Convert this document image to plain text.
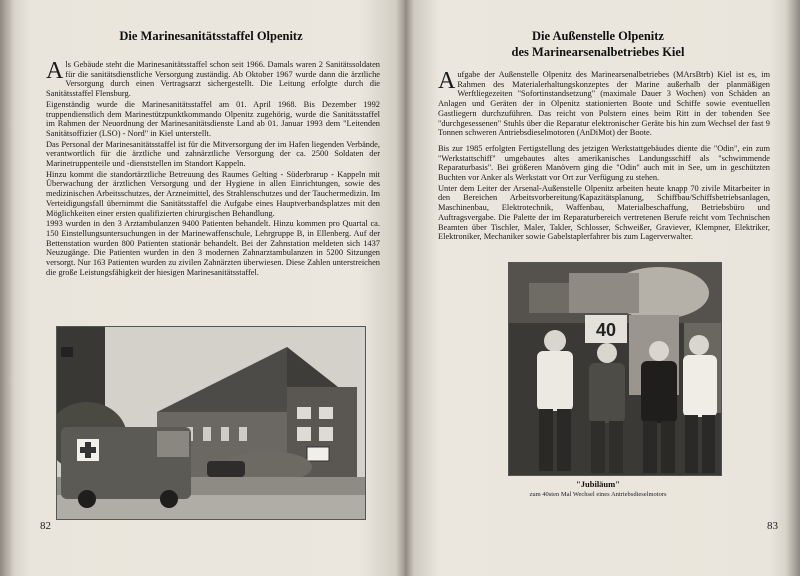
Die Marinesanitätsstaffel Olpenitz

Als Gebäude steht die Marinesanitätsstaffel schon seit 1966. Damals waren 2 Sanitätssoldaten für die sanitätsdienstliche Versorgung zuständig. Ab Oktober 1967 wurde dann die ärztliche Versorgung durch einen Vertragsarzt sichergestellt. Die Leitung erfolgte durch die Sanitätsstaffel Flensburg.

Eigenständig wurde die Marinesanitätsstaffel am 01. April 1968. Bis Dezember 1992 truppendienstlich dem Marinestützpunktkommando Olpenitz zugehörig, wurde die Sanitätsstaffel im Rahmen der Neuordnung der Marinesanitätsdienste Land ab 01. Januar 1993 dem "Leitenden Sanitätsoffizier (LSO) - Nord" in Kiel unterstellt.

Das Personal der Marinesanitätsstaffel ist für die Mitversorgung der im Hafen liegenden Verbände, verantwortlich für die ärztliche und zahnärztliche Versorgung der ca. 2500 Soldaten der Marinetruppenteile und -dienststellen im Standort Kappeln.

Hinzu kommt die standortärztliche Betreuung des Raumes Gelting - Süderbrarup - Kappeln mit Überwachung der ärztlichen Versorgung und der Hygiene in allen Einrichtungen, sowie des medizinischen Arbeitsschutzes, der Arzneimittel, des Strahlenschutzes und der Tauchermedizin. Im Verteidigungsfall übernimmt die Sanitätsstaffel die Aufgabe eines Hauptverbandsplatzes mit den Möglichkeiten einer ersten qualifizierten chirurgischen Behandlung.

1993 wurden in den 3 Arztambulanzen 9400 Patienten behandelt. Hinzu kommen pro Quartal ca. 150 Einstellungsuntersuchungen in der Marinewaffenschule, Lehrgruppe B, in Ellenberg. Auf der Bettenstation wurden 800 Patienten stationär behandelt. Bei der Zahnstation meldeten sich 1437 Neuzugänge. Die Patienten wurden in den 3 modernen Zahnarztambulanzen in 5200 Sitzungen versorgt. Nur 163 Patienten wurden zu zivilen Zahnärzten überwiesen. Diese Zahlen unterstreichen die große Leistungsfähigkeit der hiesigen Marinesanitätsstaffel.

82
Die Außenstelle Olpenitz
des Marinearsenalbetriebes Kiel

Aufgabe der Außenstelle Olpenitz des Marinearsenalbetriebes (MArsBtrb) Kiel ist es, im Rahmen des Materialerhaltungskonzeptes der Marine außerhalb der planmäßigen Werftliegezeiten "Sofortinstandsetzung" (maximale Dauer 3 Wochen) von Schäden an Anlagen und Geräten der in Olpenitz stationierten Boote und Schiffe sowie eventuellen Gastliegern durchzuführen. Das reicht von Polstern eines beim Ritt in der tobenden See "durchgesessenen" Stuhls über die Reparatur elektronischer Geräte bis hin zum Wechsel der fast 9 Tonnen schweren Antriebsdieselmotoren (AnDiMot) der Boote.

Bis zur 1985 erfolgten Fertigstellung des jetzigen Werkstattgebäudes diente die "Odin", ein zum "Werkstattschiff" umgebautes altes amerikanisches Landungsschiff als "schwimmende Reparaturbasis". Bei größeren Manövern ging die "Odin" auch mit in See, um in geschützten Buchten vor Anker als Werkstatt vor Ort zur Verfügung zu stehen.

Unter dem Leiter der Arsenal-Außenstelle Olpenitz arbeiten heute knapp 70 zivile Mitarbeiter in den Bereichen Arbeitsvorbereitung/Kapazitätsplanung, Schiffbau/Schiffsbetriebsanlagen, Maschinenbau, Elektrotechnik, Waffenbau, Materialbeschaffung, Betriebsbüro und Auftragsvergabe. Die Palette der im Reparaturbereich vertretenen Berufe reicht vom Technischen Beamten über Tischler, Maler, Takler, Schlosser, Schweißer, Graviever, Klempner, Elektriker, Elektroniker, Mechaniker sowie Gabelstaplerfahrer bis zum Lagerverwalter.

40
"Jubiläum"
zum 40sten Mal Wechsel eines Antriebsdieselmotors
83
